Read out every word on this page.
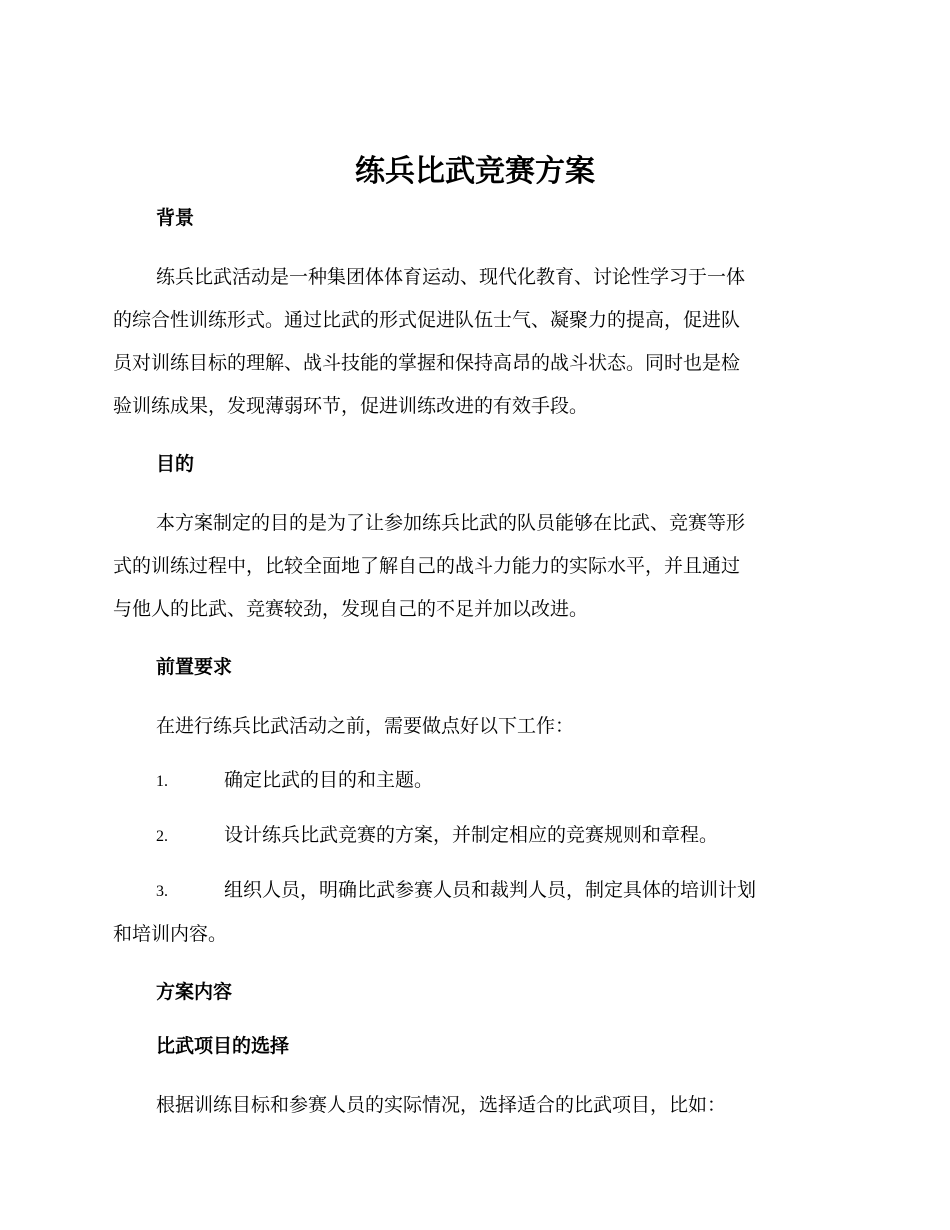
练兵比武竞赛方案
背景
练兵比武活动是一种集团体体育运动、现代化教育、讨论性学习于一体
的综合性训练形式。通过比武的形式促进队伍士气、凝聚力的提高，促进队
员对训练目标的理解、战斗技能的掌握和保持高昂的战斗状态。同时也是检
验训练成果，发现薄弱环节，促进训练改进的有效手段。
目的
本方案制定的目的是为了让参加练兵比武的队员能够在比武、竞赛等形
式的训练过程中，比较全面地了解自己的战斗力能力的实际水平，并且通过
与他人的比武、竞赛较劲，发现自己的不足并加以改进。
前置要求
在进行练兵比武活动之前，需要做点好以下工作：
1.	确定比武的目的和主题。
2.	设计练兵比武竞赛的方案，并制定相应的竞赛规则和章程。
3.	组织人员，明确比武参赛人员和裁判人员，制定具体的培训计划
和培训内容。
方案内容
比武项目的选择
根据训练目标和参赛人员的实际情况，选择适合的比武项目，比如：
